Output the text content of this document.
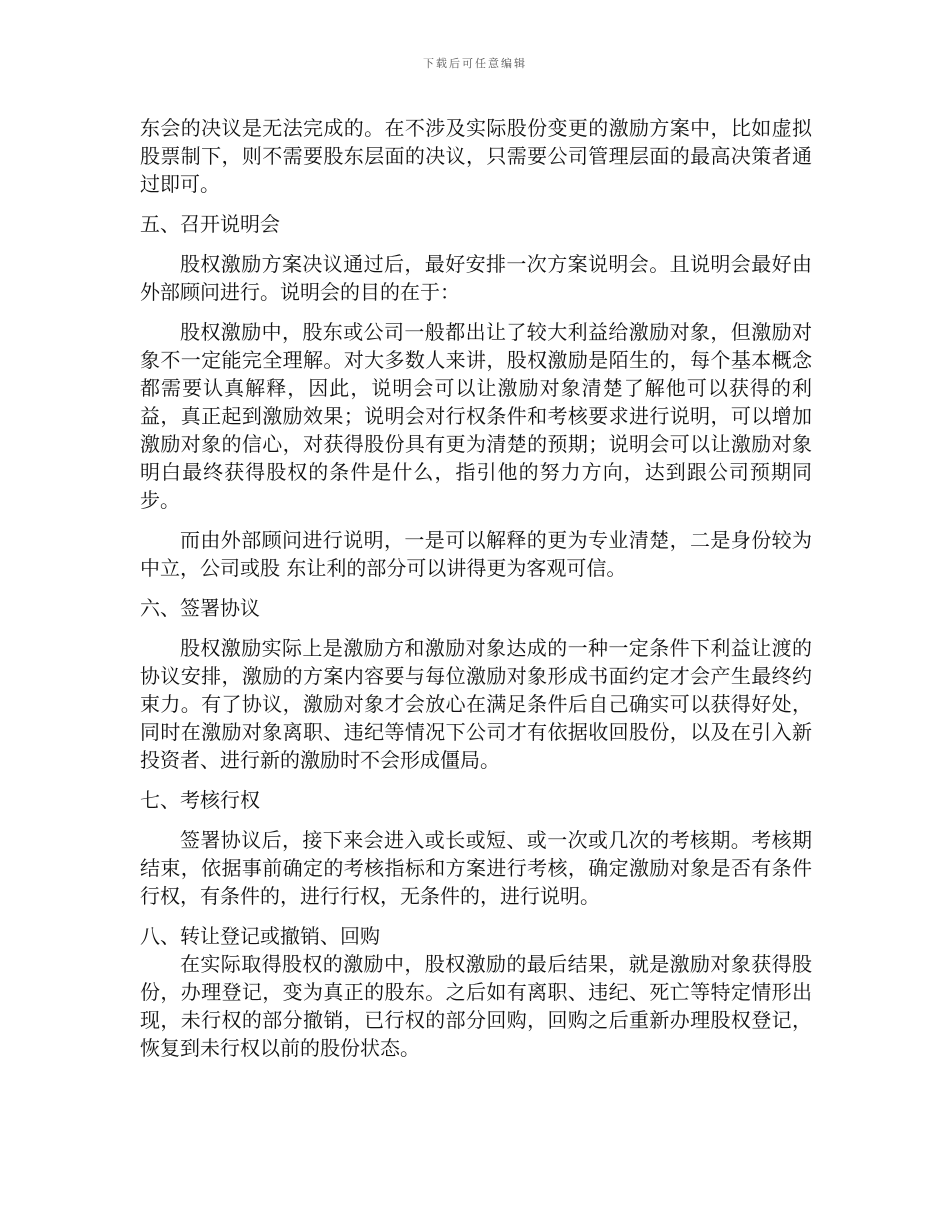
下载后可任意编辑

东会的决议是无法完成的。在不涉及实际股份变更的激励方案中，比如虚拟股票制下，则不需要股东层面的决议，只需要公司管理层面的最高决策者通过即可。

五、召开说明会

股权激励方案决议通过后，最好安排一次方案说明会。且说明会最好由外部顾问进行。说明会的目的在于：

股权激励中，股东或公司一般都出让了较大利益给激励对象，但激励对象不一定能完全理解。对大多数人来讲，股权激励是陌生的，每个基本概念都需要认真解释，因此，说明会可以让激励对象清楚了解他可以获得的利益，真正起到激励效果；说明会对行权条件和考核要求进行说明，可以增加激励对象的信心，对获得股份具有更为清楚的预期；说明会可以让激励对象明白最终获得股权的条件是什么，指引他的努力方向，达到跟公司预期同步。

而由外部顾问进行说明，一是可以解释的更为专业清楚，二是身份较为中立，公司或股 东让利的部分可以讲得更为客观可信。

六、签署协议

股权激励实际上是激励方和激励对象达成的一种一定条件下利益让渡的协议安排，激励的方案内容要与每位激励对象形成书面约定才会产生最终约束力。有了协议，激励对象才会放心在满足条件后自己确实可以获得好处，同时在激励对象离职、违纪等情况下公司才有依据收回股份，以及在引入新投资者、进行新的激励时不会形成僵局。

七、考核行权

签署协议后，接下来会进入或长或短、或一次或几次的考核期。考核期结束，依据事前确定的考核指标和方案进行考核，确定激励对象是否有条件行权，有条件的，进行行权，无条件的，进行说明。

八、转让登记或撤销、回购

在实际取得股权的激励中，股权激励的最后结果，就是激励对象获得股份，办理登记，变为真正的股东。之后如有离职、违纪、死亡等特定情形出现，未行权的部分撤销，已行权的部分回购，回购之后重新办理股权登记，恢复到未行权以前的股份状态。
